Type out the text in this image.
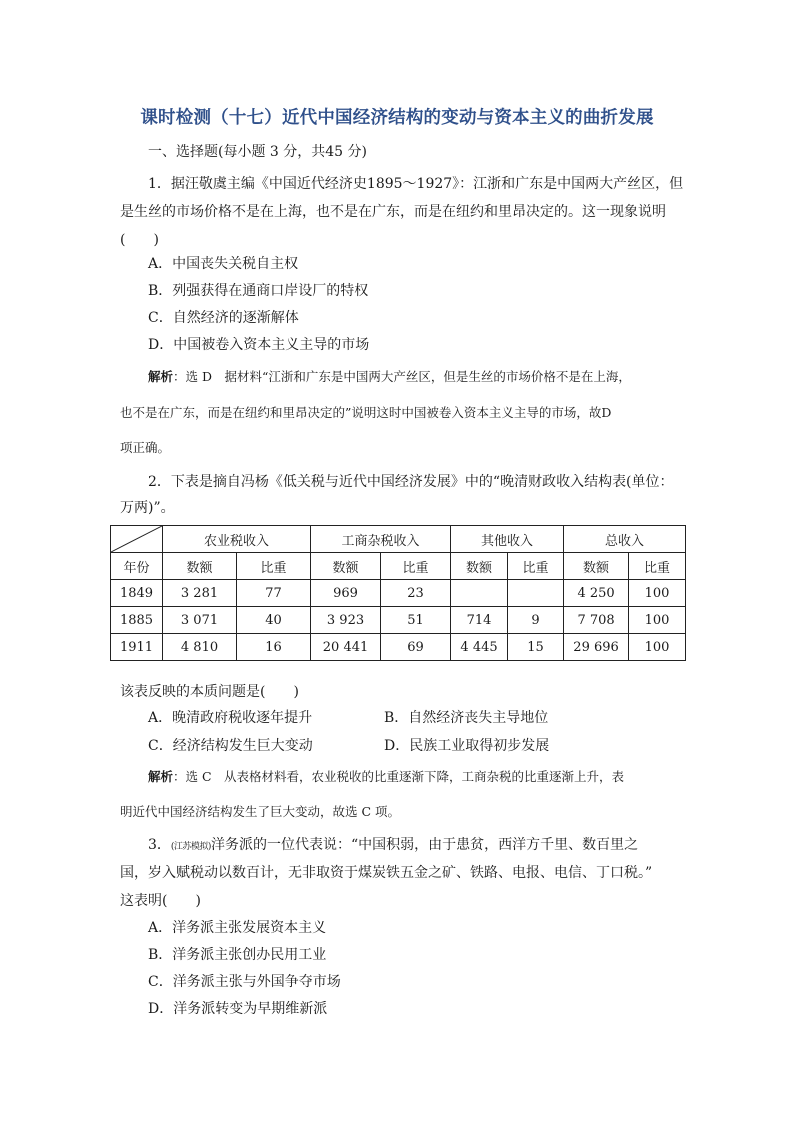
课时检测（十七）近代中国经济结构的变动与资本主义的曲折发展
一、选择题(每小题 3 分，共45 分)
1．据汪敬虞主编《中国近代经济史1895～1927》：江浙和广东是中国两大产丝区，但
是生丝的市场价格不是在上海，也不是在广东，而是在纽约和里昂决定的。这一现象说明
(　　)
A．中国丧失关税自主权
B．列强获得在通商口岸设厂的特权
C．自然经济的逐渐解体
D．中国被卷入资本主义主导的市场
解析：选 D　据材料“江浙和广东是中国两大产丝区，但是生丝的市场价格不是在上海，
也不是在广东，而是在纽约和里昂决定的”说明这时中国被卷入资本主义主导的市场，故D
项正确。
2．下表是摘自冯杨《低关税与近代中国经济发展》中的“晚清财政收入结构表(单位：
万两)”。
	农业税收入		工商杂税收入		其他收入		总收入	
年份	数额	比重	数额	比重	数额	比重	数额	比重
1849	3 281	77	969	23			4 250	100
1885	3 071	40	3 923	51	714	9	7 708	100
1911	4 810	16	20 441	69	4 445	15	29 696	100
该表反映的本质问题是(　　)
A．晚清政府税收逐年提升	B．自然经济丧失主导地位
C．经济结构发生巨大变动	D．民族工业取得初步发展
解析：选 C　从表格材料看，农业税收的比重逐渐下降，工商杂税的比重逐渐上升，表
明近代中国经济结构发生了巨大变动，故选 C 项。
3．(江苏模拟)洋务派的一位代表说：“中国积弱，由于患贫，西洋方千里、数百里之
国，岁入赋税动以数百计，无非取资于煤炭铁五金之矿、铁路、电报、电信、丁口税。”
这表明(　　)
A．洋务派主张发展资本主义
B．洋务派主张创办民用工业
C．洋务派主张与外国争夺市场
D．洋务派转变为早期维新派
